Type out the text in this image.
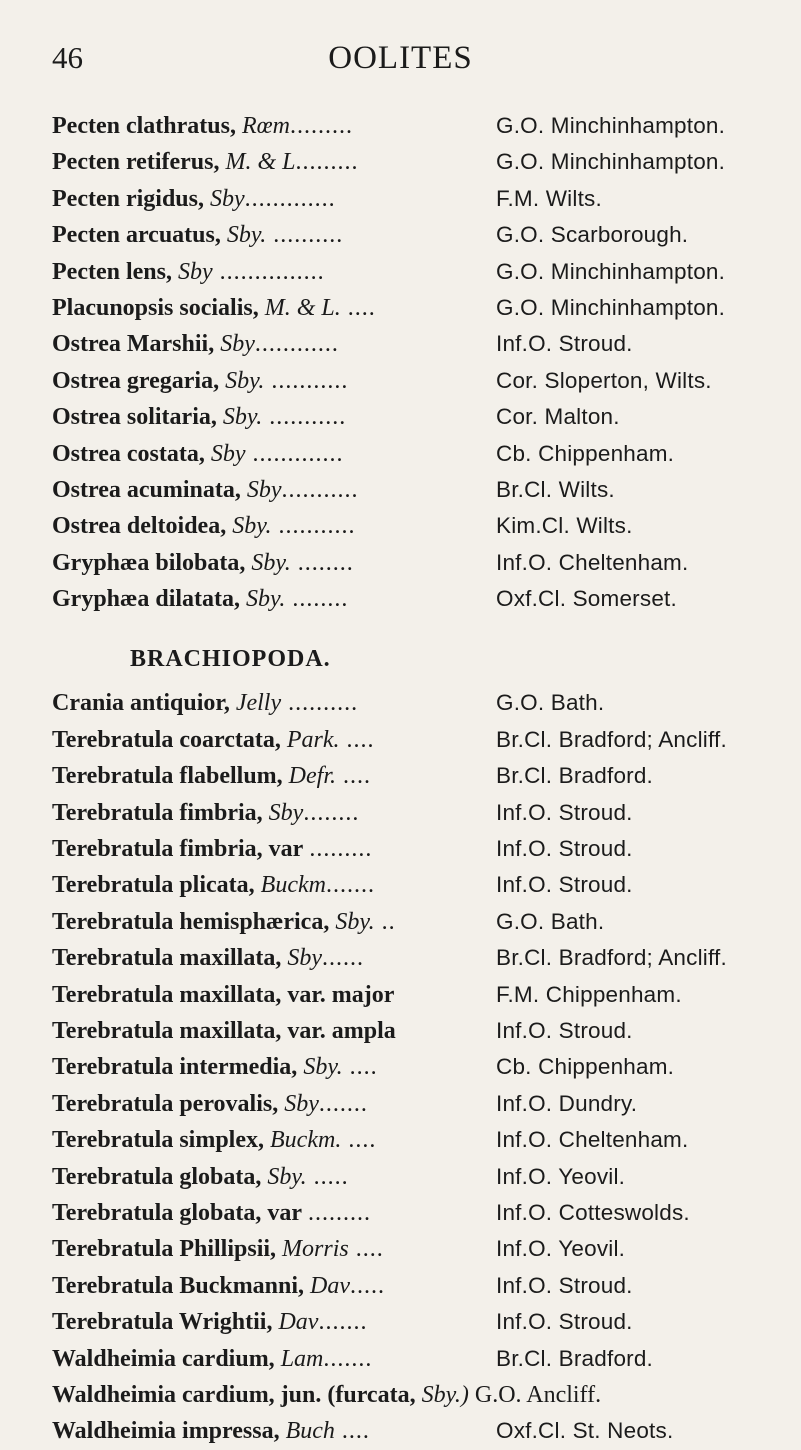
46	OOLITES
Pecten clathratus, Rœm.........	G.O. Minchinhampton.
Pecten retiferus, M. & L.........	G.O. Minchinhampton.
Pecten rigidus, Sby.............	F.M. Wilts.
Pecten arcuatus, Sby. ..........	G.O. Scarborough.
Pecten lens, Sby ...............	G.O. Minchinhampton.
Placunopsis socialis, M. & L. ....	G.O. Minchinhampton.
Ostrea Marshii, Sby............	Inf.O. Stroud.
Ostrea gregaria, Sby. ...........	Cor. Sloperton, Wilts.
Ostrea solitaria, Sby. ...........	Cor. Malton.
Ostrea costata, Sby .............	Cb. Chippenham.
Ostrea acuminata, Sby...........	Br.Cl. Wilts.
Ostrea deltoidea, Sby. ...........	Kim.Cl. Wilts.
Gryphæa bilobata, Sby. ........	Inf.O. Cheltenham.
Gryphæa dilatata, Sby. ........	Oxf.Cl. Somerset.
BRACHIOPODA.
Crania antiquior, Jelly ..........	G.O. Bath.
Terebratula coarctata, Park. ....	Br.Cl. Bradford; Ancliff.
Terebratula flabellum, Defr. ....	Br.Cl. Bradford.
Terebratula fimbria, Sby........	Inf.O. Stroud.
Terebratula fimbria, var .........	Inf.O. Stroud.
Terebratula plicata, Buckm.......	Inf.O. Stroud.
Terebratula hemisphærica, Sby. ..	G.O. Bath.
Terebratula maxillata, Sby......	Br.Cl. Bradford; Ancliff.
Terebratula maxillata, var. major	F.M. Chippenham.
Terebratula maxillata, var. ampla	Inf.O. Stroud.
Terebratula intermedia, Sby. ....	Cb. Chippenham.
Terebratula perovalis, Sby.......	Inf.O. Dundry.
Terebratula simplex, Buckm. ....	Inf.O. Cheltenham.
Terebratula globata, Sby. .....	Inf.O. Yeovil.
Terebratula globata, var .........	Inf.O. Cotteswolds.
Terebratula Phillipsii, Morris ....	Inf.O. Yeovil.
Terebratula Buckmanni, Dav.....	Inf.O. Stroud.
Terebratula Wrightii, Dav.......	Inf.O. Stroud.
Waldheimia cardium, Lam.......	Br.Cl. Bradford.
Waldheimia cardium, jun. (furcata, Sby.) G.O. Ancliff.
Waldheimia impressa, Buch ....	Oxf.Cl. St. Neots.
